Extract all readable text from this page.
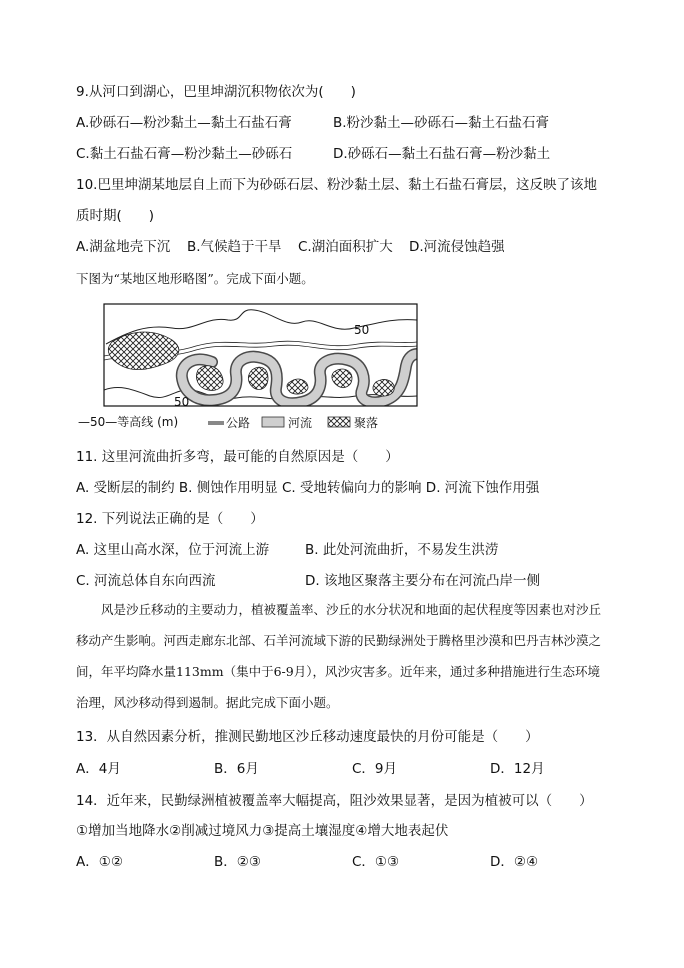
9.从河口到湖心，巴里坤湖沉积物依次为(　　)
A.砂砾石—粉沙黏土—黏土石盐石膏	B.粉沙黏土—砂砾石—黏土石盐石膏
C.黏土石盐石膏—粉沙黏土—砂砾石	D.砂砾石—黏土石盐石膏—粉沙黏土
10.巴里坤湖某地层自上而下为砂砾石层、粉沙黏土层、黏土石盐石膏层，这反映了该地
质时期(　　)
A.湖盆地壳下沉 B.气候趋于干旱 C.湖泊面积扩大 D.河流侵蚀趋强
下图为“某地区地形略图”。完成下面小题。
50
50
—50—等高线 (m)	公路	河流	聚落
11. 这里河流曲折多弯，最可能的自然原因是（　　）
A. 受断层的制约 B. 侧蚀作用明显 C. 受地转偏向力的影响 D. 河流下蚀作用强
12. 下列说法正确的是（　　）
A. 这里山高水深，位于河流上游	B. 此处河流曲折，不易发生洪涝
C. 河流总体自东向西流	D. 该地区聚落主要分布在河流凸岸一侧
风是沙丘移动的主要动力，植被覆盖率、沙丘的水分状况和地面的起伏程度等因素也对沙丘移动产生影响。河西走廊东北部、石羊河流域下游的民勤绿洲处于腾格里沙漠和巴丹吉林沙漠之间，年平均降水量113mm（集中于6-9月），风沙灾害多。近年来，通过多种措施进行生态环境治理，风沙移动得到遏制。据此完成下面小题。
13．从自然因素分析，推测民勤地区沙丘移动速度最快的月份可能是（　　）
A．4月	B．6月	C．9月	D．12月
14．近年来，民勤绿洲植被覆盖率大幅提高，阻沙效果显著，是因为植被可以（　　）
①增加当地降水②削减过境风力③提高土壤湿度④增大地表起伏
A．①②	B．②③	C．①③	D．②④
